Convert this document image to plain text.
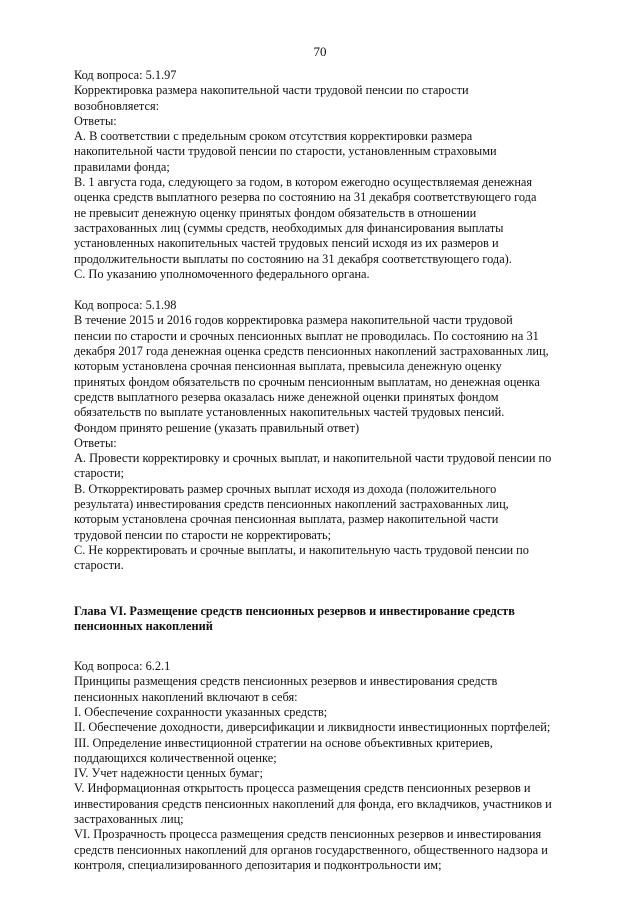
70
Код вопроса: 5.1.97
Корректировка размера накопительной части трудовой пенсии по старости
возобновляется:
Ответы:
А. В соответствии с предельным сроком отсутствия корректировки размера
накопительной части трудовой пенсии по старости, установленным страховыми
правилами фонда;
В. 1 августа года, следующего за годом, в котором ежегодно осуществляемая денежная
оценка средств выплатного резерва по состоянию на 31 декабря соответствующего года
не превысит денежную оценку принятых фондом обязательств в отношении
застрахованных лиц (суммы средств, необходимых для финансирования выплаты
установленных накопительных частей трудовых пенсий исходя из их размеров и
продолжительности выплаты по состоянию на 31 декабря соответствующего года).
С. По указанию уполномоченного федерального органа.
Код вопроса: 5.1.98
В течение 2015 и 2016 годов корректировка размера накопительной части трудовой
пенсии по старости и срочных пенсионных выплат не проводилась. По состоянию на 31
декабря 2017 года денежная оценка средств пенсионных накоплений застрахованных лиц,
которым установлена срочная пенсионная выплата, превысила денежную оценку
принятых фондом обязательств по срочным пенсионным выплатам, но денежная оценка
средств выплатного резерва оказалась ниже денежной оценки принятых фондом
обязательств по выплате установленных накопительных частей трудовых пенсий.
Фондом принято решение (указать правильный ответ)
Ответы:
А. Провести корректировку и срочных выплат, и накопительной части трудовой пенсии по
старости;
В. Откорректировать размер срочных выплат исходя из дохода (положительного
результата) инвестирования средств пенсионных накоплений застрахованных лиц,
которым установлена срочная пенсионная выплата, размер накопительной части
трудовой пенсии по старости не корректировать;
С. Не корректировать и срочные выплаты, и накопительную часть трудовой пенсии по
старости.
Глава VI. Размещение средств пенсионных резервов и инвестирование средств
пенсионных накоплений
Код вопроса: 6.2.1
Принципы размещения средств пенсионных резервов и инвестирования средств
пенсионных накоплений включают в себя:
I. Обеспечение сохранности указанных средств;
II. Обеспечение доходности, диверсификации и ликвидности инвестиционных портфелей;
III. Определение инвестиционной стратегии на основе объективных критериев,
поддающихся количественной оценке;
IV. Учет надежности ценных бумаг;
V. Информационная открытость процесса размещения средств пенсионных резервов и
инвестирования средств пенсионных накоплений для фонда, его вкладчиков, участников и
застрахованных лиц;
VI. Прозрачность процесса размещения средств пенсионных резервов и инвестирования
средств пенсионных накоплений для органов государственного, общественного надзора и
контроля, специализированного депозитария и подконтрольности им;
